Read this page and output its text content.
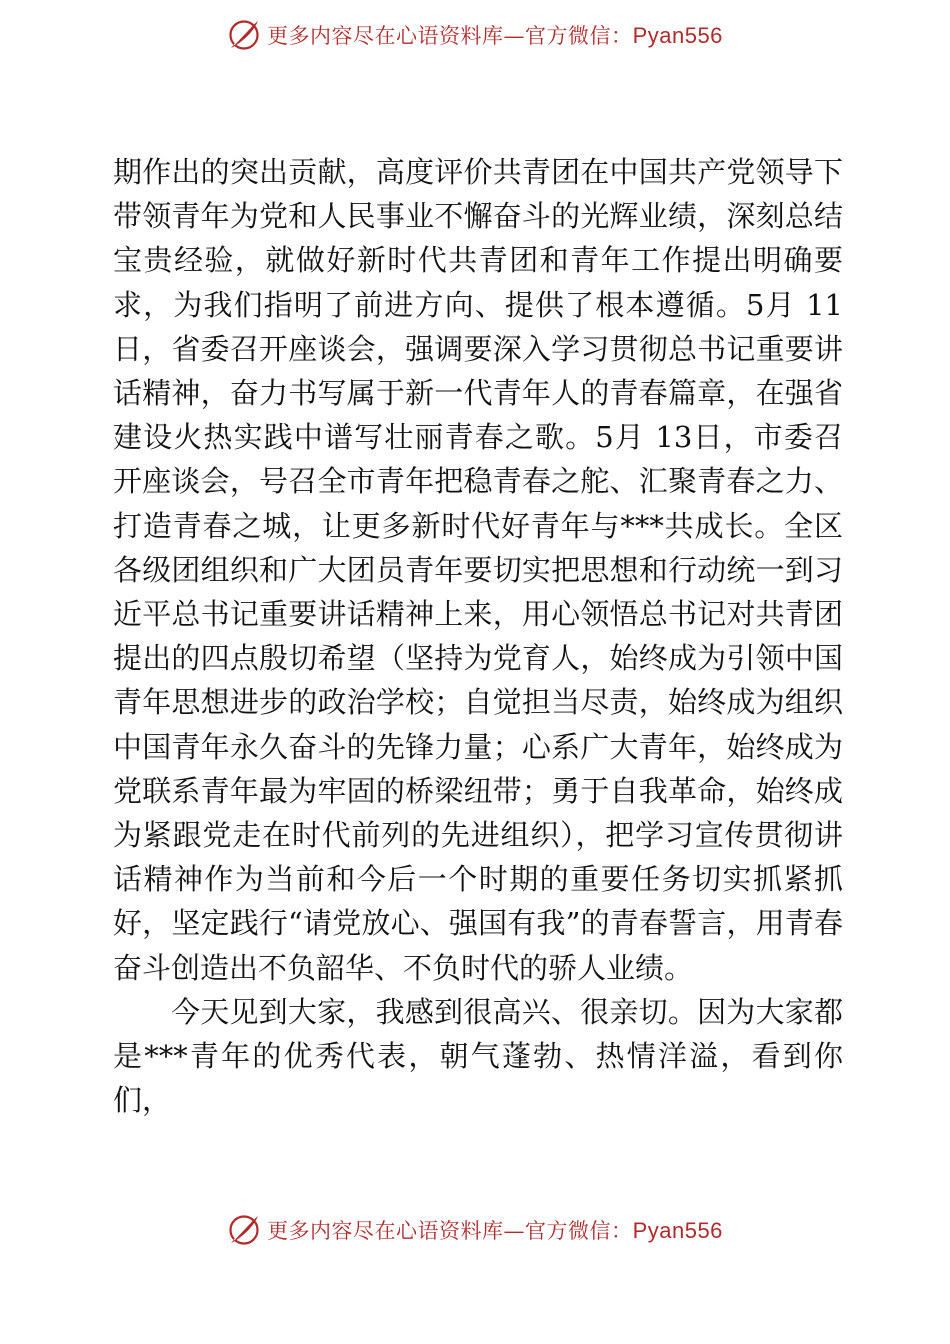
更多内容尽在心语资料库—官方微信：Pyan556

期作出的突出贡献，高度评价共青团在中国共产党领导下带领青年为党和人民事业不懈奋斗的光辉业绩，深刻总结宝贵经验，就做好新时代共青团和青年工作提出明确要求，为我们指明了前进方向、提供了根本遵循。5月 11日，省委召开座谈会，强调要深入学习贯彻总书记重要讲话精神，奋力书写属于新一代青年人的青春篇章，在强省建设火热实践中谱写壮丽青春之歌。5月 13日，市委召开座谈会，号召全市青年把稳青春之舵、汇聚青春之力、打造青春之城，让更多新时代好青年与***共成长。全区各级团组织和广大团员青年要切实把思想和行动统一到习近平总书记重要讲话精神上来，用心领悟总书记对共青团提出的四点殷切希望（坚持为党育人，始终成为引领中国青年思想进步的政治学校；自觉担当尽责，始终成为组织中国青年永久奋斗的先锋力量；心系广大青年，始终成为党联系青年最为牢固的桥梁纽带；勇于自我革命，始终成为紧跟党走在时代前列的先进组织），把学习宣传贯彻讲话精神作为当前和今后一个时期的重要任务切实抓紧抓好，坚定践行“请党放心、强国有我”的青春誓言，用青春奋斗创造出不负韶华、不负时代的骄人业绩。

今天见到大家，我感到很高兴、很亲切。因为大家都是***青年的优秀代表，朝气蓬勃、热情洋溢，看到你们，

更多内容尽在心语资料库—官方微信：Pyan556
